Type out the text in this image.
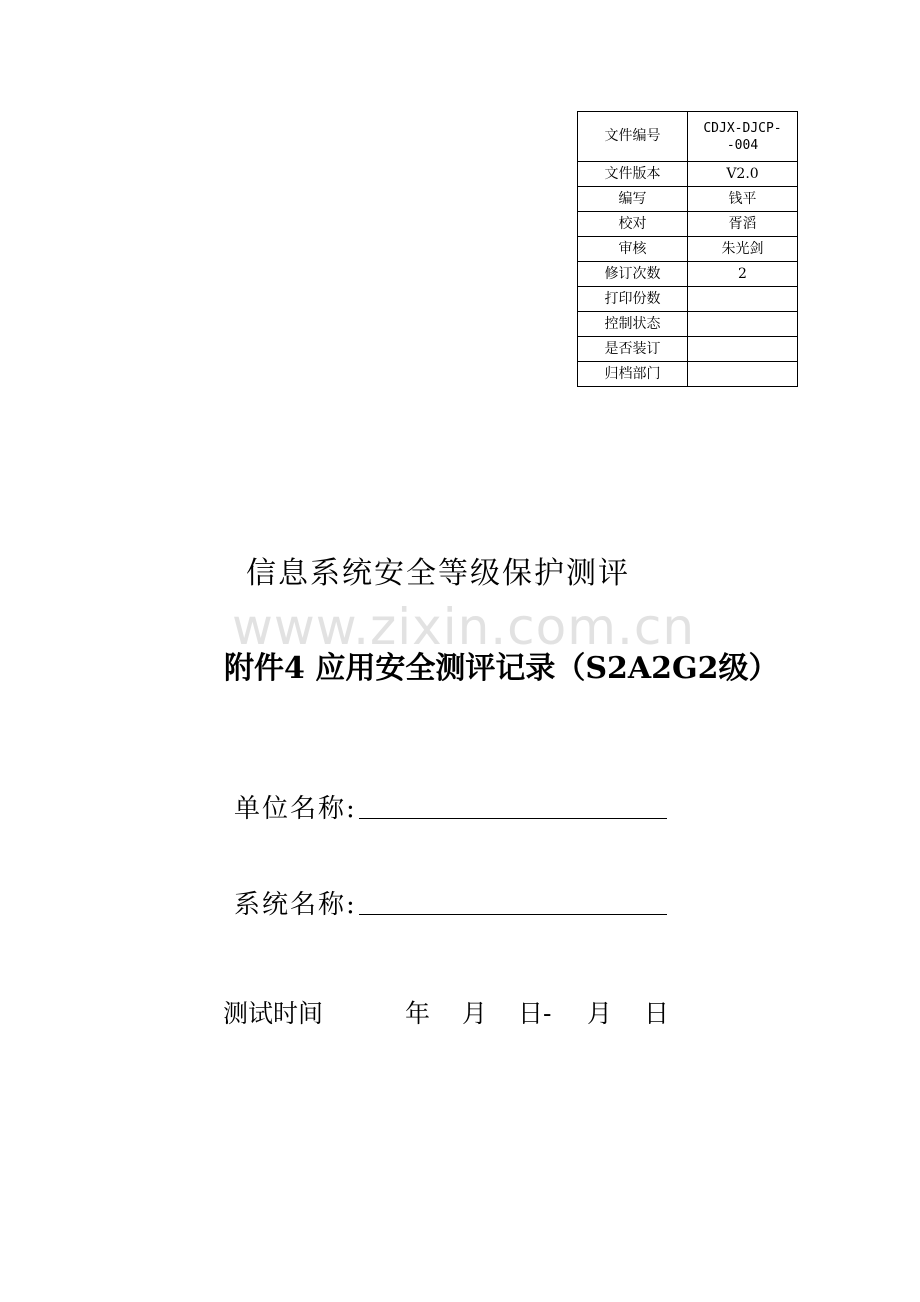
文件编号	CDJX-DJCP-
-004
文件版本	V2.0
编写	钱平
校对	胥滔
审核	朱光剑
修订次数	2
打印份数	
控制状态	
是否装订	
归档部门	
www.zixin.com.cn
信息系统安全等级保护测评
附件4 应用安全测评记录（S2A2G2级）
单位名称:
系统名称:
测试时间	年 月 日- 月 日
